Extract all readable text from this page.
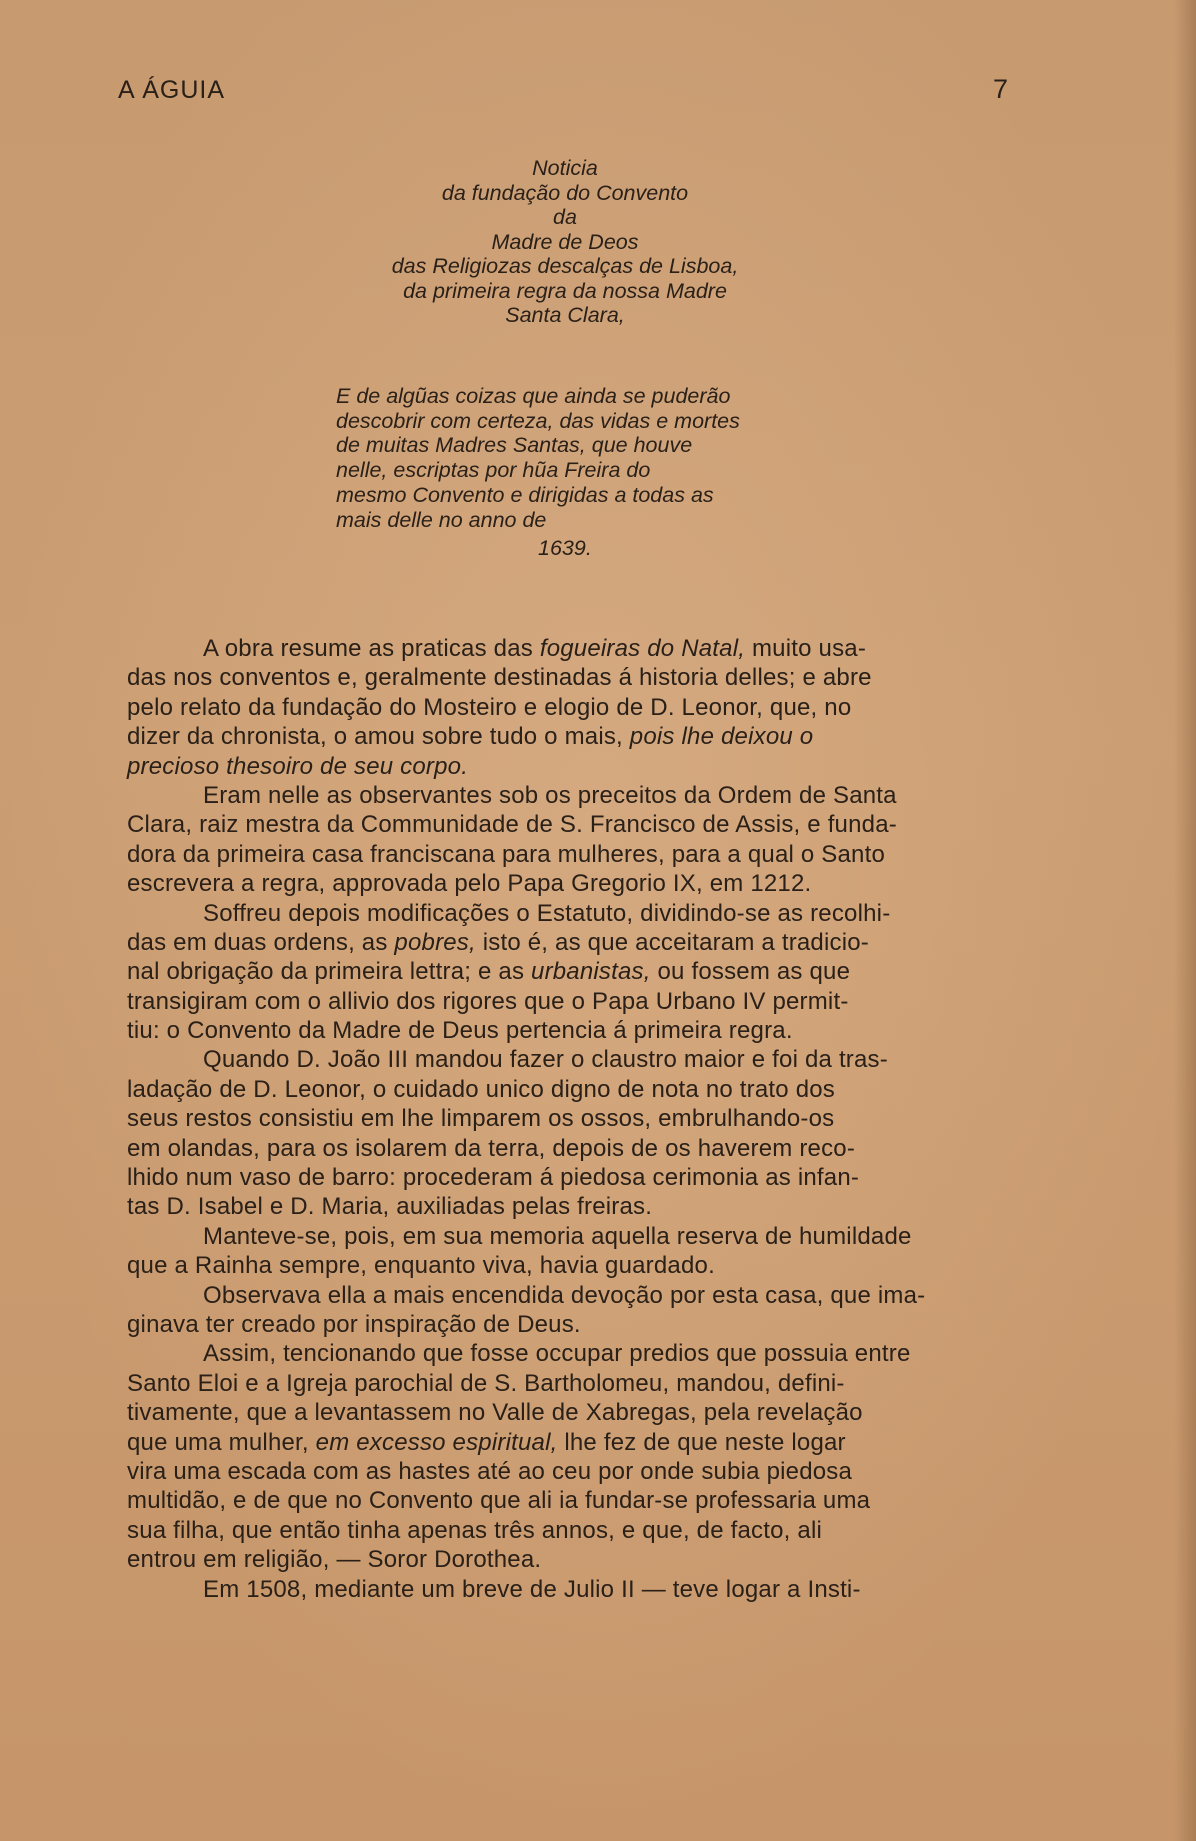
A ÁGUIA	7
Noticia
da fundação do Convento
da
Madre de Deos
das Religiozas descalças de Lisboa,
da primeira regra da nossa Madre
Santa Clara,
E de algũas coizas que ainda se puderão
descobrir com certeza, das vidas e mortes
de muitas Madres Santas, que houve
nelle, escriptas por hũa Freira do
mesmo Convento e dirigidas a todas as
mais delle no anno de
1639.
A obra resume as praticas das fogueiras do Natal, muito usa-
das nos conventos e, geralmente destinadas á historia delles; e abre
pelo relato da fundação do Mosteiro e elogio de D. Leonor, que, no
dizer da chronista, o amou sobre tudo o mais, pois lhe deixou o
precioso thesoiro de seu corpo.
Eram nelle as observantes sob os preceitos da Ordem de Santa
Clara, raiz mestra da Communidade de S. Francisco de Assis, e funda-
dora da primeira casa franciscana para mulheres, para a qual o Santo
escrevera a regra, approvada pelo Papa Gregorio IX, em 1212.
Soffreu depois modificações o Estatuto, dividindo-se as recolhi-
das em duas ordens, as pobres, isto é, as que acceitaram a tradicio-
nal obrigação da primeira lettra; e as urbanistas, ou fossem as que
transigiram com o allivio dos rigores que o Papa Urbano IV permit-
tiu: o Convento da Madre de Deus pertencia á primeira regra.
Quando D. João III mandou fazer o claustro maior e foi da tras-
ladação de D. Leonor, o cuidado unico digno de nota no trato dos
seus restos consistiu em lhe limparem os ossos, embrulhando-os
em olandas, para os isolarem da terra, depois de os haverem reco-
lhido num vaso de barro: procederam á piedosa cerimonia as infan-
tas D. Isabel e D. Maria, auxiliadas pelas freiras.
Manteve-se, pois, em sua memoria aquella reserva de humildade
que a Rainha sempre, enquanto viva, havia guardado.
Observava ella a mais encendida devoção por esta casa, que ima-
ginava ter creado por inspiração de Deus.
Assim, tencionando que fosse occupar predios que possuia entre
Santo Eloi e a Igreja parochial de S. Bartholomeu, mandou, defini-
tivamente, que a levantassem no Valle de Xabregas, pela revelação
que uma mulher, em excesso espiritual, lhe fez de que neste logar
vira uma escada com as hastes até ao ceu por onde subia piedosa
multidão, e de que no Convento que ali ia fundar-se professaria uma
sua filha, que então tinha apenas três annos, e que, de facto, ali
entrou em religião, — Soror Dorothea.
Em 1508, mediante um breve de Julio II — teve logar a Insti-
